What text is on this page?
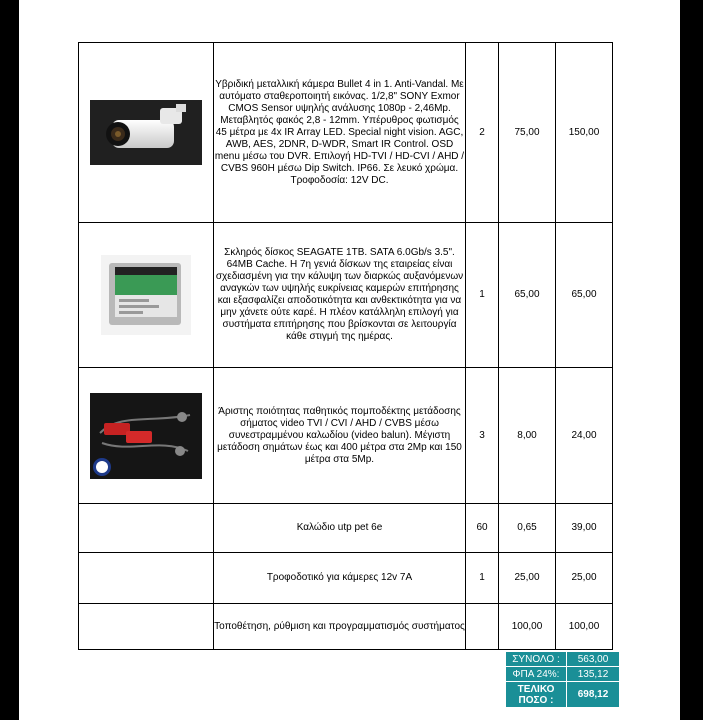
	Υβριδική μεταλλική κάμερα Bullet 4 in 1. Anti-Vandal. Με αυτόματο σταθεροποιητή εικόνας. 1/2,8" SONY Exmor CMOS Sensor υψηλής ανάλυσης 1080p - 2,46Mp. Μεταβλητός φακός 2,8 - 12mm. Υπέρυθρος φωτισμός 45 μέτρα με 4x IR Array LED. Special night vision. AGC, AWB, AES, 2DNR, D-WDR, Smart IR Control. OSD menu μέσω του DVR. Επιλογή HD-TVI / HD-CVI / AHD / CVBS 960H μέσω Dip Switch. IP66. Σε λευκό χρώμα. Τροφοδοσία: 12V DC.	2	75,00	150,00

	Σκληρός δίσκος SEAGATE 1TB. SATA 6.0Gb/s 3.5". 64MB Cache. Η 7η γενιά δίσκων της εταιρείας είναι σχεδιασμένη για την κάλυψη των διαρκώς αυξανόμενων αναγκών των υψηλής ευκρίνειας καμερών επιτήρησης και εξασφαλίζει αποδοτικότητα και ανθεκτικότητα για να μην χάνετε ούτε καρέ. Η πλέον κατάλληλη επιλογή για συστήματα επιτήρησης που βρίσκονται σε λειτουργία κάθε στιγμή της ημέρας.	1	65,00	65,00

	Άριστης ποιότητας παθητικός πομποδέκτης μετάδοσης σήματος video TVI / CVI / AHD / CVBS μέσω συνεστραμμένου καλωδίου (video balun). Μέγιστη μετάδοση σημάτων έως και 400 μέτρα στα 2Mp και 150 μέτρα στα 5Mp.	3	8,00	24,00
	Καλώδιο utp pet 6e	60	0,65	39,00
	Τροφοδοτικό για κάμερες 12v 7A	1	25,00	25,00
	Τοποθέτηση, ρύθμιση και προγραμματισμός συστήματος		100,00	100,00
ΣΥΝΟΛΟ :	563,00
ΦΠΑ 24%:	135,12
ΤΕΛΙΚΟ ΠΟΣΟ :	698,12
